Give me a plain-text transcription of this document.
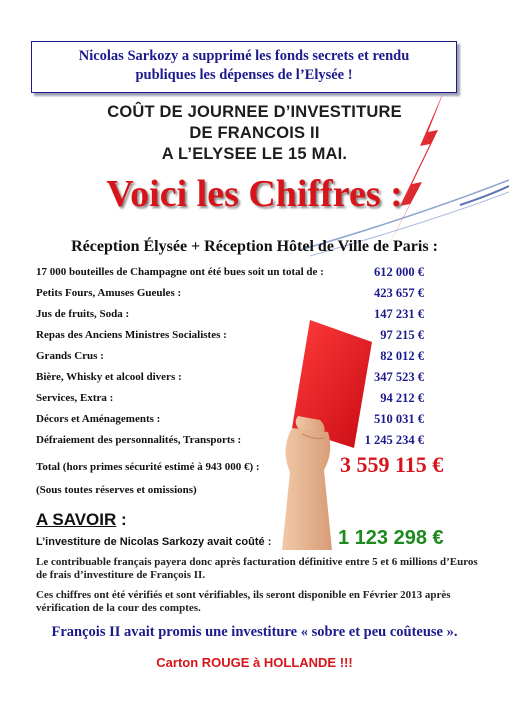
Nicolas Sarkozy a supprimé les fonds secrets et rendu
publiques les dépenses de l’Elysée !
COÛT DE JOURNEE D’INVESTITURE
DE FRANCOIS II
A L’ELYSEE LE 15 MAI.
Voici les Chiffres :
Réception Élysée + Réception Hôtel de Ville de Paris :
17 000 bouteilles de Champagne ont été bues soit un total de :	612 000 €
Petits Fours, Amuses Gueules :	423 657 €
Jus de fruits, Soda :	147 231 €
Repas des Anciens Ministres Socialistes :	97 215 €
Grands Crus :	82 012 €
Bière, Whisky et alcool divers :	347 523 €
Services, Extra :	94 212 €
Décors et Aménagements :	510 031 €
Défraiement des personnalités, Transports :	1 245 234 €
Total (hors primes sécurité estimé à 943 000 €) :	3 559 115 €
(Sous toutes réserves et omissions)
A SAVOIR :
L’investiture de Nicolas Sarkozy avait coûté :	1 123 298 €
Le contribuable français payera donc après facturation définitive entre 5 et 6 millions d’Euros de frais d’investiture de François II.
Ces chiffres ont été vérifiés et sont vérifiables, ils seront disponible en Février 2013 après vérification de la cour des comptes.
François II avait promis une investiture « sobre et peu coûteuse ».
Carton ROUGE à HOLLANDE !!!
